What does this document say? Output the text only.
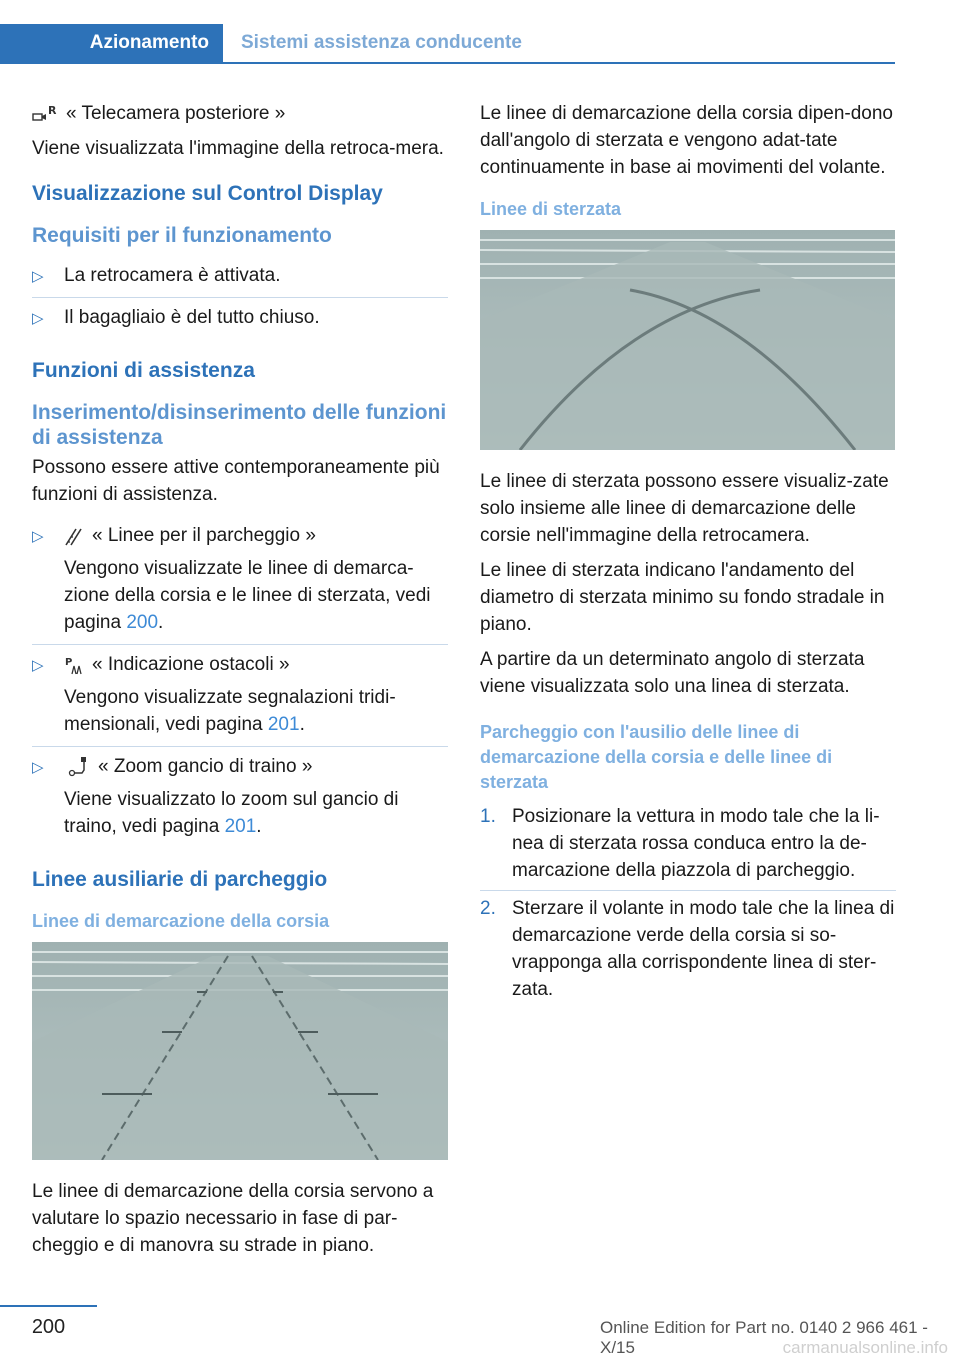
Azionamento	Sistemi assistenza conducente

R « Telecamera posteriore »

Viene visualizzata l'immagine della retroca-mera.

Visualizzazione sul Control Display
Requisiti per il funzionamento
▷ La retrocamera è attivata.
▷ Il bagagliaio è del tutto chiuso.
Funzioni di assistenza
Inserimento/disinserimento delle funzioni di assistenza

Possono essere attive contemporaneamente più funzioni di assistenza.

▷	« Linee per il parcheggio »
Vengono visualizzate le linee di demarca-zione della corsia e le linee di sterzata, vedi pagina 200.
▷ P « Indicazione ostacoli »
Vengono visualizzate segnalazioni tridi-mensionali, vedi pagina 201.
▷	« Zoom gancio di traino »
Viene visualizzato lo zoom sul gancio di traino, vedi pagina 201.
Linee ausiliarie di parcheggio
Linee di demarcazione della corsia

Le linee di demarcazione della corsia servono a valutare lo spazio necessario in fase di par-cheggio e di manovra su strade in piano.

Le linee di demarcazione della corsia dipen-dono dall'angolo di sterzata e vengono adat-tate continuamente in base ai movimenti del volante.

Linee di sterzata

Le linee di sterzata possono essere visualiz-zate solo insieme alle linee di demarcazione delle corsie nell'immagine della retrocamera.

Le linee di sterzata indicano l'andamento del diametro di sterzata minimo su fondo stradale in piano.

A partire da un determinato angolo di sterzata viene visualizzata solo una linea di sterzata.

Parcheggio con l'ausilio delle linee di demarcazione della corsia e delle linee di sterzata
1. Posizionare la vettura in modo tale che la li-nea di sterzata rossa conduca entro la de-marcazione della piazzola di parcheggio.
2. Sterzare il volante in modo tale che la linea di demarcazione verde della corsia si so-vrapponga alla corrispondente linea di ster-zata.
200	Online Edition for Part no. 0140 2 966 461 - X/15	carmanualsonline.info
